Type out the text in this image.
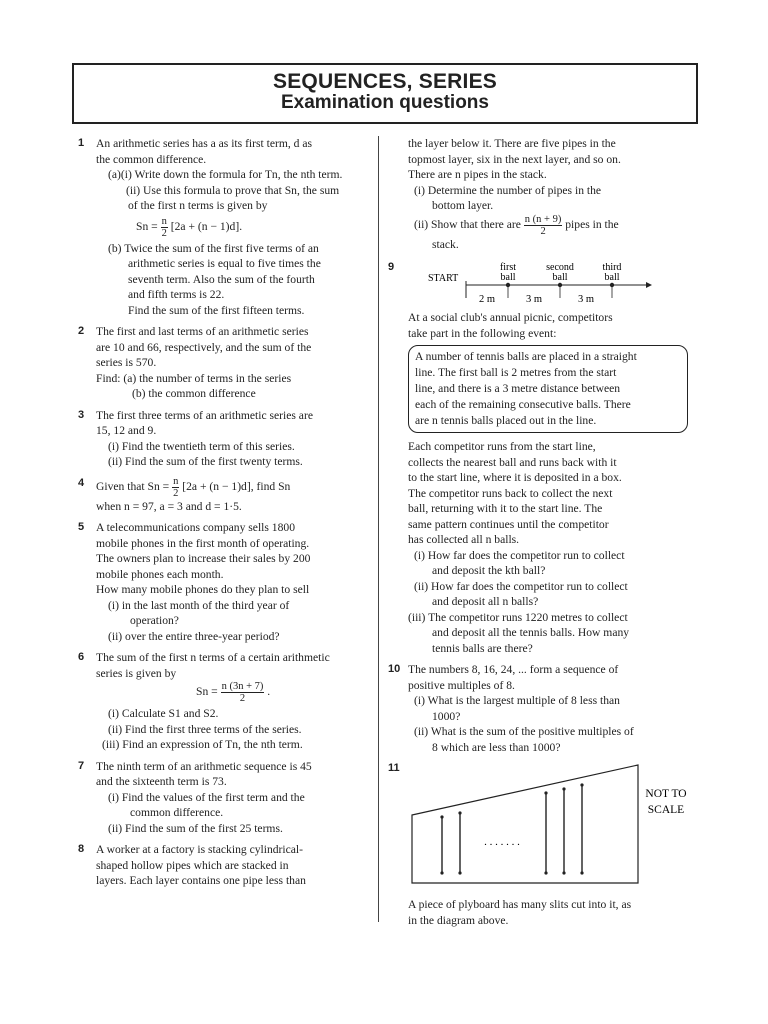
SEQUENCES, SERIES
Examination questions
1 An arithmetic series has a as its first term, d as
the common difference.
(a)(i) Write down the formula for Tn, the nth term.
(ii) Use this formula to prove that Sn, the sum
of the first n terms is given by
$Sn = \frac{n}{2} [2a + (n - 1)d]$.
(b) Twice the sum of the first five terms of an
arithmetic series is equal to five times the
seventh term. Also the sum of the fourth
and fifth terms is 22.
Find the sum of the first fifteen terms.
2 The first and last terms of an arithmetic series
are 10 and 66, respectively, and the sum of the
series is 570.
Find: (a) the number of terms in the series
(b) the common difference
3 The first three terms of an arithmetic series are
15, 12 and 9.
(i) Find the twentieth term of this series.
(ii) Find the sum of the first twenty terms.
4 Given that $Sn = \frac{n}{2} [2a + (n - 1)d]$, find Sn
when n = 97, a = 3 and d = 1·5.
5 A telecommunications company sells 1800
mobile phones in the first month of operating.
The owners plan to increase their sales by 200
mobile phones each month.
How many mobile phones do they plan to sell
(i) in the last month of the third year of
operation?
(ii) over the entire three-year period?
6 The sum of the first n terms of a certain arithmetic
series is given by
$Sn = \frac{n (3n + 7)}{2}$ .
(i) Calculate S1 and S2.
(ii) Find the first three terms of the series.
(iii) Find an expression of Tn, the nth term.
7 The ninth term of an arithmetic sequence is 45
and the sixteenth term is 73.
(i) Find the values of the first term and the
common difference.
(ii) Find the sum of the first 25 terms.
8 A worker at a factory is stacking cylindrical-
shaped hollow pipes which are stacked in
layers. Each layer contains one pipe less than
the layer below it. There are five pipes in the
topmost layer, six in the next layer, and so on.
There are n pipes in the stack.
(i) Determine the number of pipes in the
bottom layer.
(ii) Show that there are $\frac{n (n + 9)}{2}$ pipes in the
stack.
9
START
first
ball
second
ball
third
ball
2 m	3 m	3 m
At a social club's annual picnic, competitors
take part in the following event:
A number of tennis balls are placed in a straight
line. The first ball is 2 metres from the start
line, and there is a 3 metre distance between
each of the remaining consecutive balls. There
are n tennis balls placed out in the line.
Each competitor runs from the start line,
collects the nearest ball and runs back with it
to the start line, where it is deposited in a box.
The competitor runs back to collect the next
ball, returning with it to the start line. The
same pattern continues until the competitor
has collected all n balls.
(i) How far does the competitor run to collect
and deposit the kth ball?
(ii) How far does the competitor run to collect
and deposit all n balls?
(iii) The competitor runs 1220 metres to collect
and deposit all the tennis balls. How many
tennis balls are there?
10 The numbers 8, 16, 24, ... form a sequence of
positive multiples of 8.
(i) What is the largest multiple of 8 less than
1000?
(ii) What is the sum of the positive multiples of
8 which are less than 1000?
11
. . . . . . .
NOT TO
SCALE
A piece of plyboard has many slits cut into it, as
in the diagram above.
